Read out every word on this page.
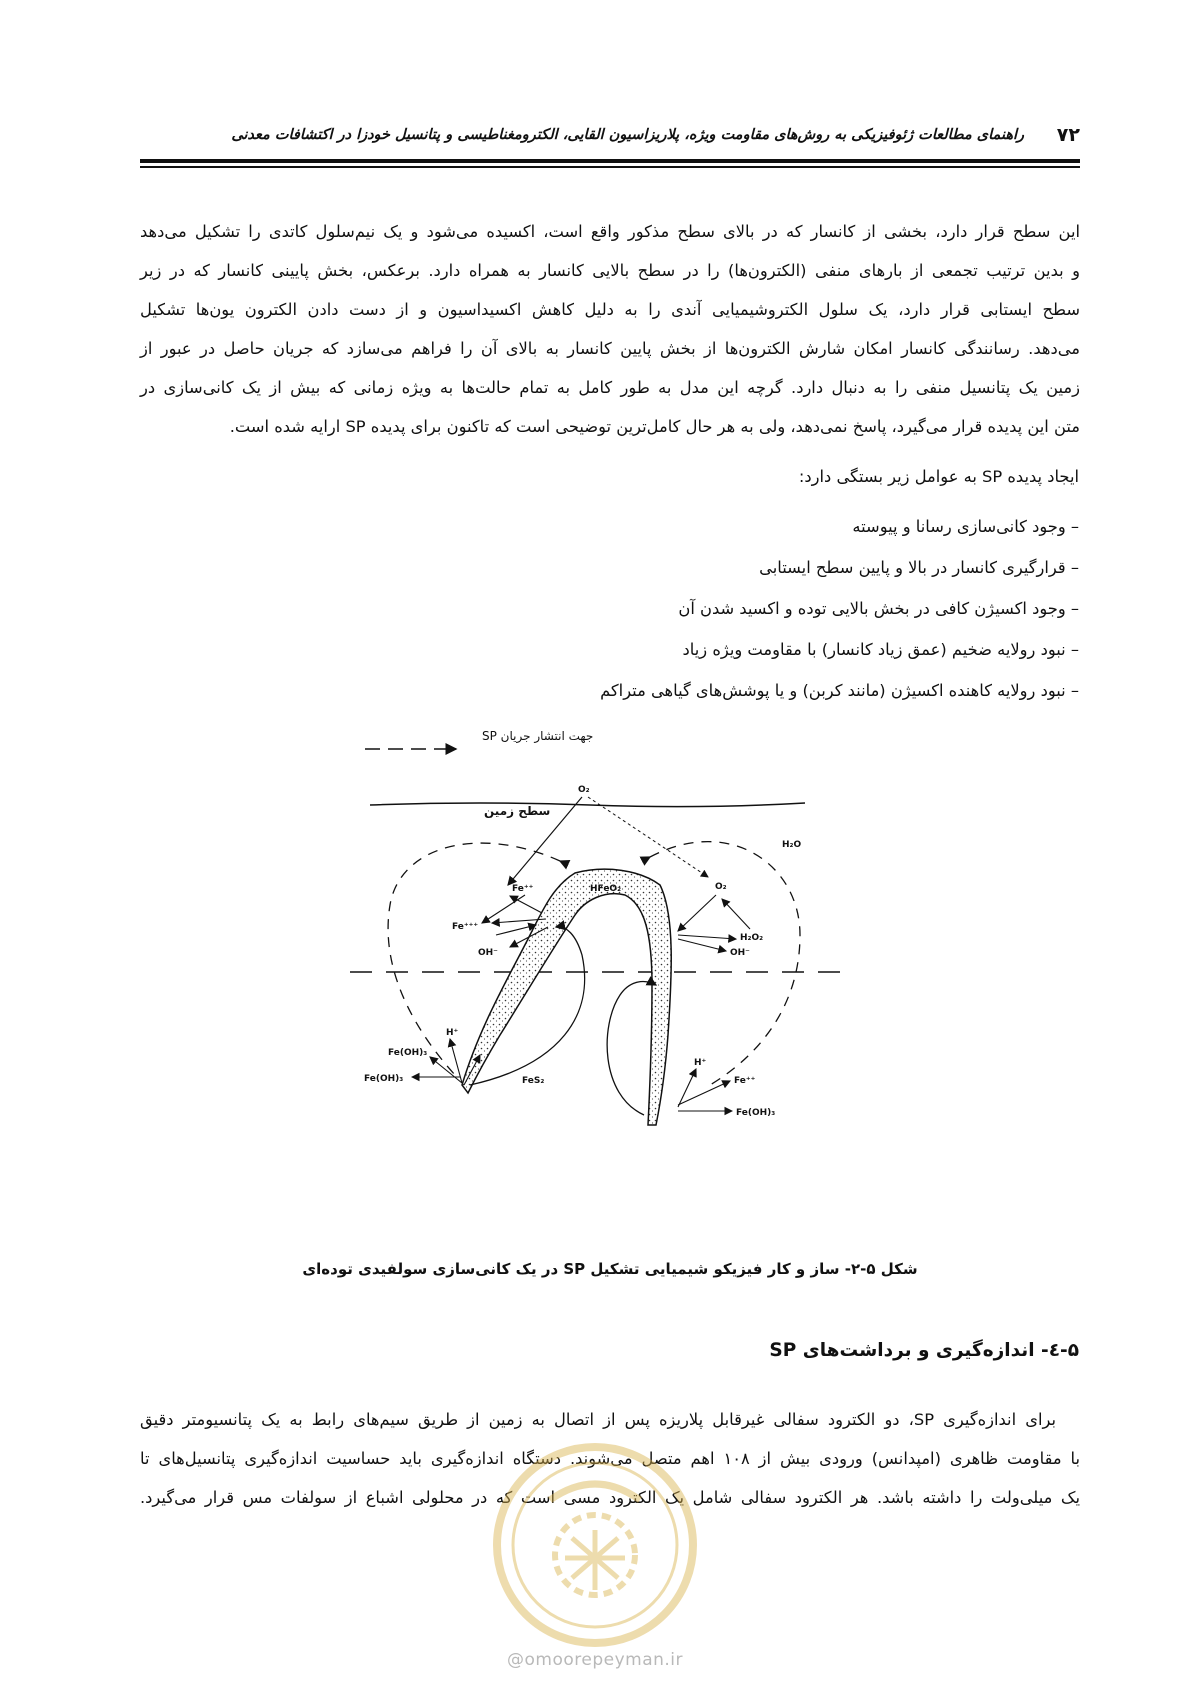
۷۲
راهنمای مطالعات ژئوفیزیکی به روش‌های مقاومت ویژه، پلاریزاسیون القایی، الکترومغناطیسی و پتانسیل خودزا در اکتشافات معدنی
این سطح قرار دارد، بخشی از کانسار که در بالای سطح مذکور واقع است، اکسیده می‌شود و یک نیم‌سلول کاتدی را تشکیل می‌دهد
و بدین ترتیب تجمعی از بارهای منفی (الکترون‌ها) را در سطح بالایی کانسار به همراه دارد. برعکس، بخش پایینی کانسار که در زیر
سطح ایستابی قرار دارد، یک سلول الکتروشیمیایی آندی را به دلیل کاهش اکسیداسیون و از دست دادن الکترون یون‌ها تشکیل
می‌دهد. رسانندگی کانسار امکان شارش الکترون‌ها از بخش پایین کانسار به بالای آن را فراهم می‌سازد که جریان حاصل در عبور از
زمین یک پتانسیل منفی را به دنبال دارد. گرچه این مدل به طور کامل به تمام حالت‌ها به ویژه زمانی که بیش از یک کانی‌سازی در
متن این پدیده قرار می‌گیرد، پاسخ نمی‌دهد، ولی به هر حال کامل‌ترین توضیحی است که تاکنون برای پدیده SP ارایه شده است.
ایجاد پدیده SP به عوامل زیر بستگی دارد:
– وجود کانی‌سازی رسانا و پیوسته
– قرارگیری کانسار در بالا و پایین سطح ایستابی
– وجود اکسیژن کافی در بخش بالایی توده و اکسید شدن آن
– نبود رولایه ضخیم (عمق زیاد کانسار) با مقاومت ویژه زیاد
– نبود رولایه کاهنده اکسیژن (مانند کربن) و یا پوشش‌های گیاهی متراکم
جهت انتشار جریان SP
سطح زمین
O₂
H₂O
HFeO₂
FeS₂
Fe⁺⁺
Fe⁺⁺⁺
OH⁻
O₂
H₂O₂
OH⁻
H⁺
Fe(OH)₃
Fe(OH)₃
H⁺
Fe⁺⁺
Fe(OH)₃
شکل ۵-۲- ساز و کار فیزیکو شیمیایی تشکیل SP در یک کانی‌سازی سولفیدی توده‌ای
۵-٤- اندازه‌گیری و برداشت‌های SP
برای اندازه‌گیری SP، دو الکترود سفالی غیرقابل پلاریزه پس از اتصال به زمین از طریق سیم‌های رابط به یک پتانسیومتر دقیق
با مقاومت ظاهری (امپدانس) ورودی بیش از ۱۰۸ اهم متصل می‌شوند. دستگاه اندازه‌گیری باید حساسیت اندازه‌گیری پتانسیل‌های تا
یک میلی‌ولت را داشته باشد. هر الکترود سفالی شامل یک الکترود مسی است که در محلولی اشباع از سولفات مس قرار می‌گیرد.
@omoorepeyman.ir
